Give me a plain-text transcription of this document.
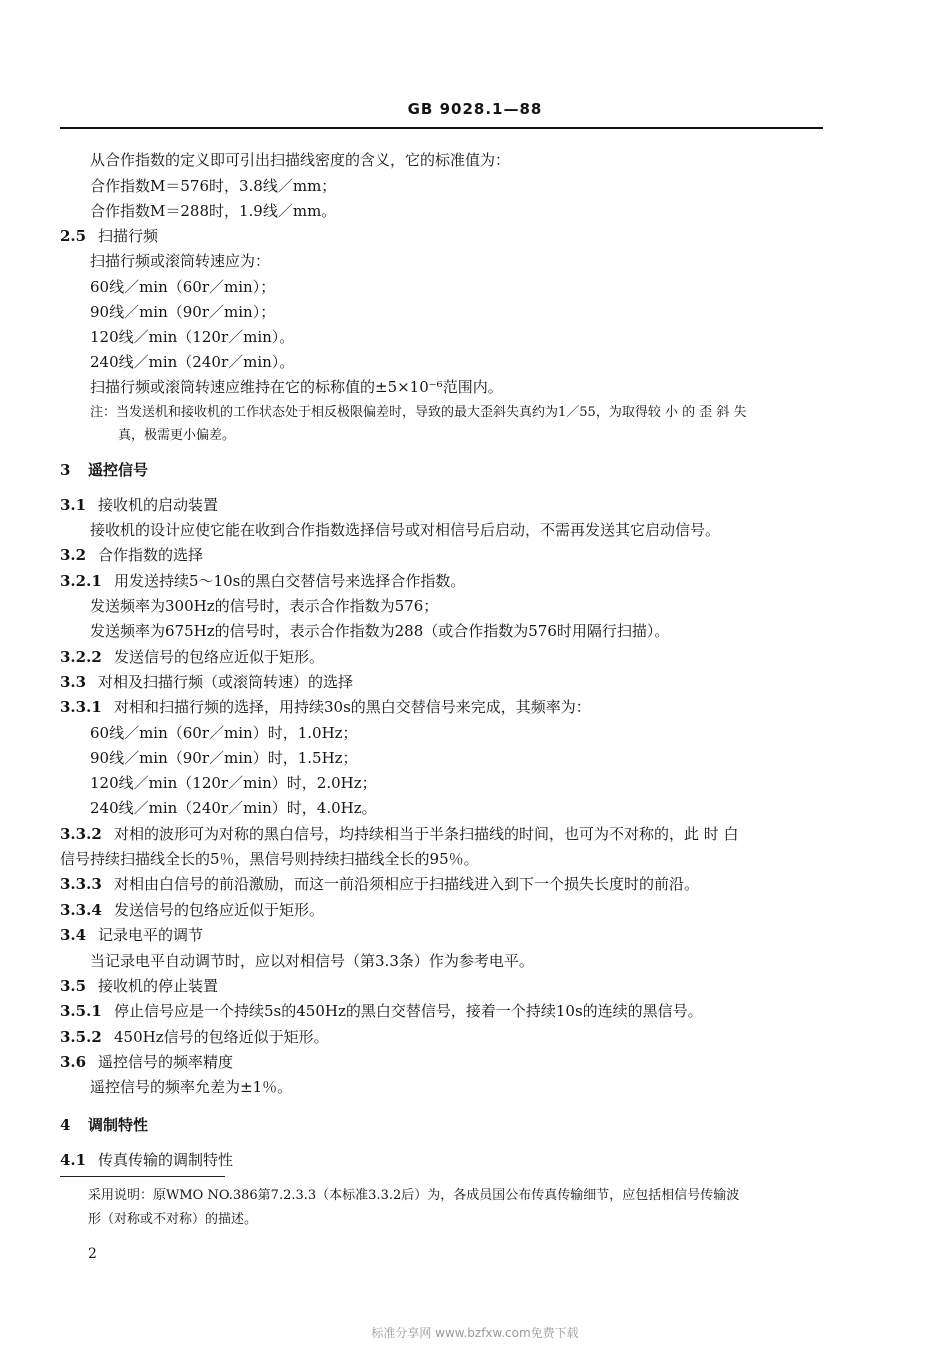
GB 9028.1—88
从合作指数的定义即可引出扫描线密度的含义，它的标准值为：
合作指数M＝576时，3.8线／mm；
合作指数M＝288时，1.9线／mm。
2.5 扫描行频
扫描行频或滚筒转速应为：
60线／min（60r／min）；
90线／min（90r／min）；
120线／min（120r／min）。
240线／min（240r／min）。
扫描行频或滚筒转速应维持在它的标称值的±5×10⁻⁶范围内。
注：当发送机和接收机的工作状态处于相反极限偏差时，导致的最大歪斜失真约为1／55，为取得较 小 的 歪 斜 失
真，极需更小偏差。
3 遥控信号
3.1 接收机的启动装置
接收机的设计应使它能在收到合作指数选择信号或对相信号后启动，不需再发送其它启动信号。
3.2 合作指数的选择
3.2.1 用发送持续5～10s的黑白交替信号来选择合作指数。
发送频率为300Hz的信号时，表示合作指数为576；
发送频率为675Hz的信号时，表示合作指数为288（或合作指数为576时用隔行扫描）。
3.2.2 发送信号的包络应近似于矩形。
3.3 对相及扫描行频（或滚筒转速）的选择
3.3.1 对相和扫描行频的选择，用持续30s的黑白交替信号来完成，其频率为：
60线／min（60r／min）时，1.0Hz；
90线／min（90r／min）时，1.5Hz；
120线／min（120r／min）时，2.0Hz；
240线／min（240r／min）时，4.0Hz。
3.3.2 对相的波形可为对称的黑白信号，均持续相当于半条扫描线的时间，也可为不对称的，此 时 白
信号持续扫描线全长的5％，黑信号则持续扫描线全长的95％。
3.3.3 对相由白信号的前沿激励，而这一前沿须相应于扫描线进入到下一个损失长度时的前沿。
3.3.4 发送信号的包络应近似于矩形。
3.4 记录电平的调节
当记录电平自动调节时，应以对相信号（第3.3条）作为参考电平。
3.5 接收机的停止装置
3.5.1 停止信号应是一个持续5s的450Hz的黑白交替信号，接着一个持续10s的连续的黑信号。
3.5.2 450Hz信号的包络近似于矩形。
3.6 遥控信号的频率精度
遥控信号的频率允差为±1％。
4 调制特性
4.1 传真传输的调制特性
采用说明：原WMO NO.386第7.2.3.3（本标准3.3.2后）为，各成员国公布传真传输细节，应包括相信号传输波
形（对称或不对称）的描述。
2
标准分享网 www.bzfxw.com免费下载
